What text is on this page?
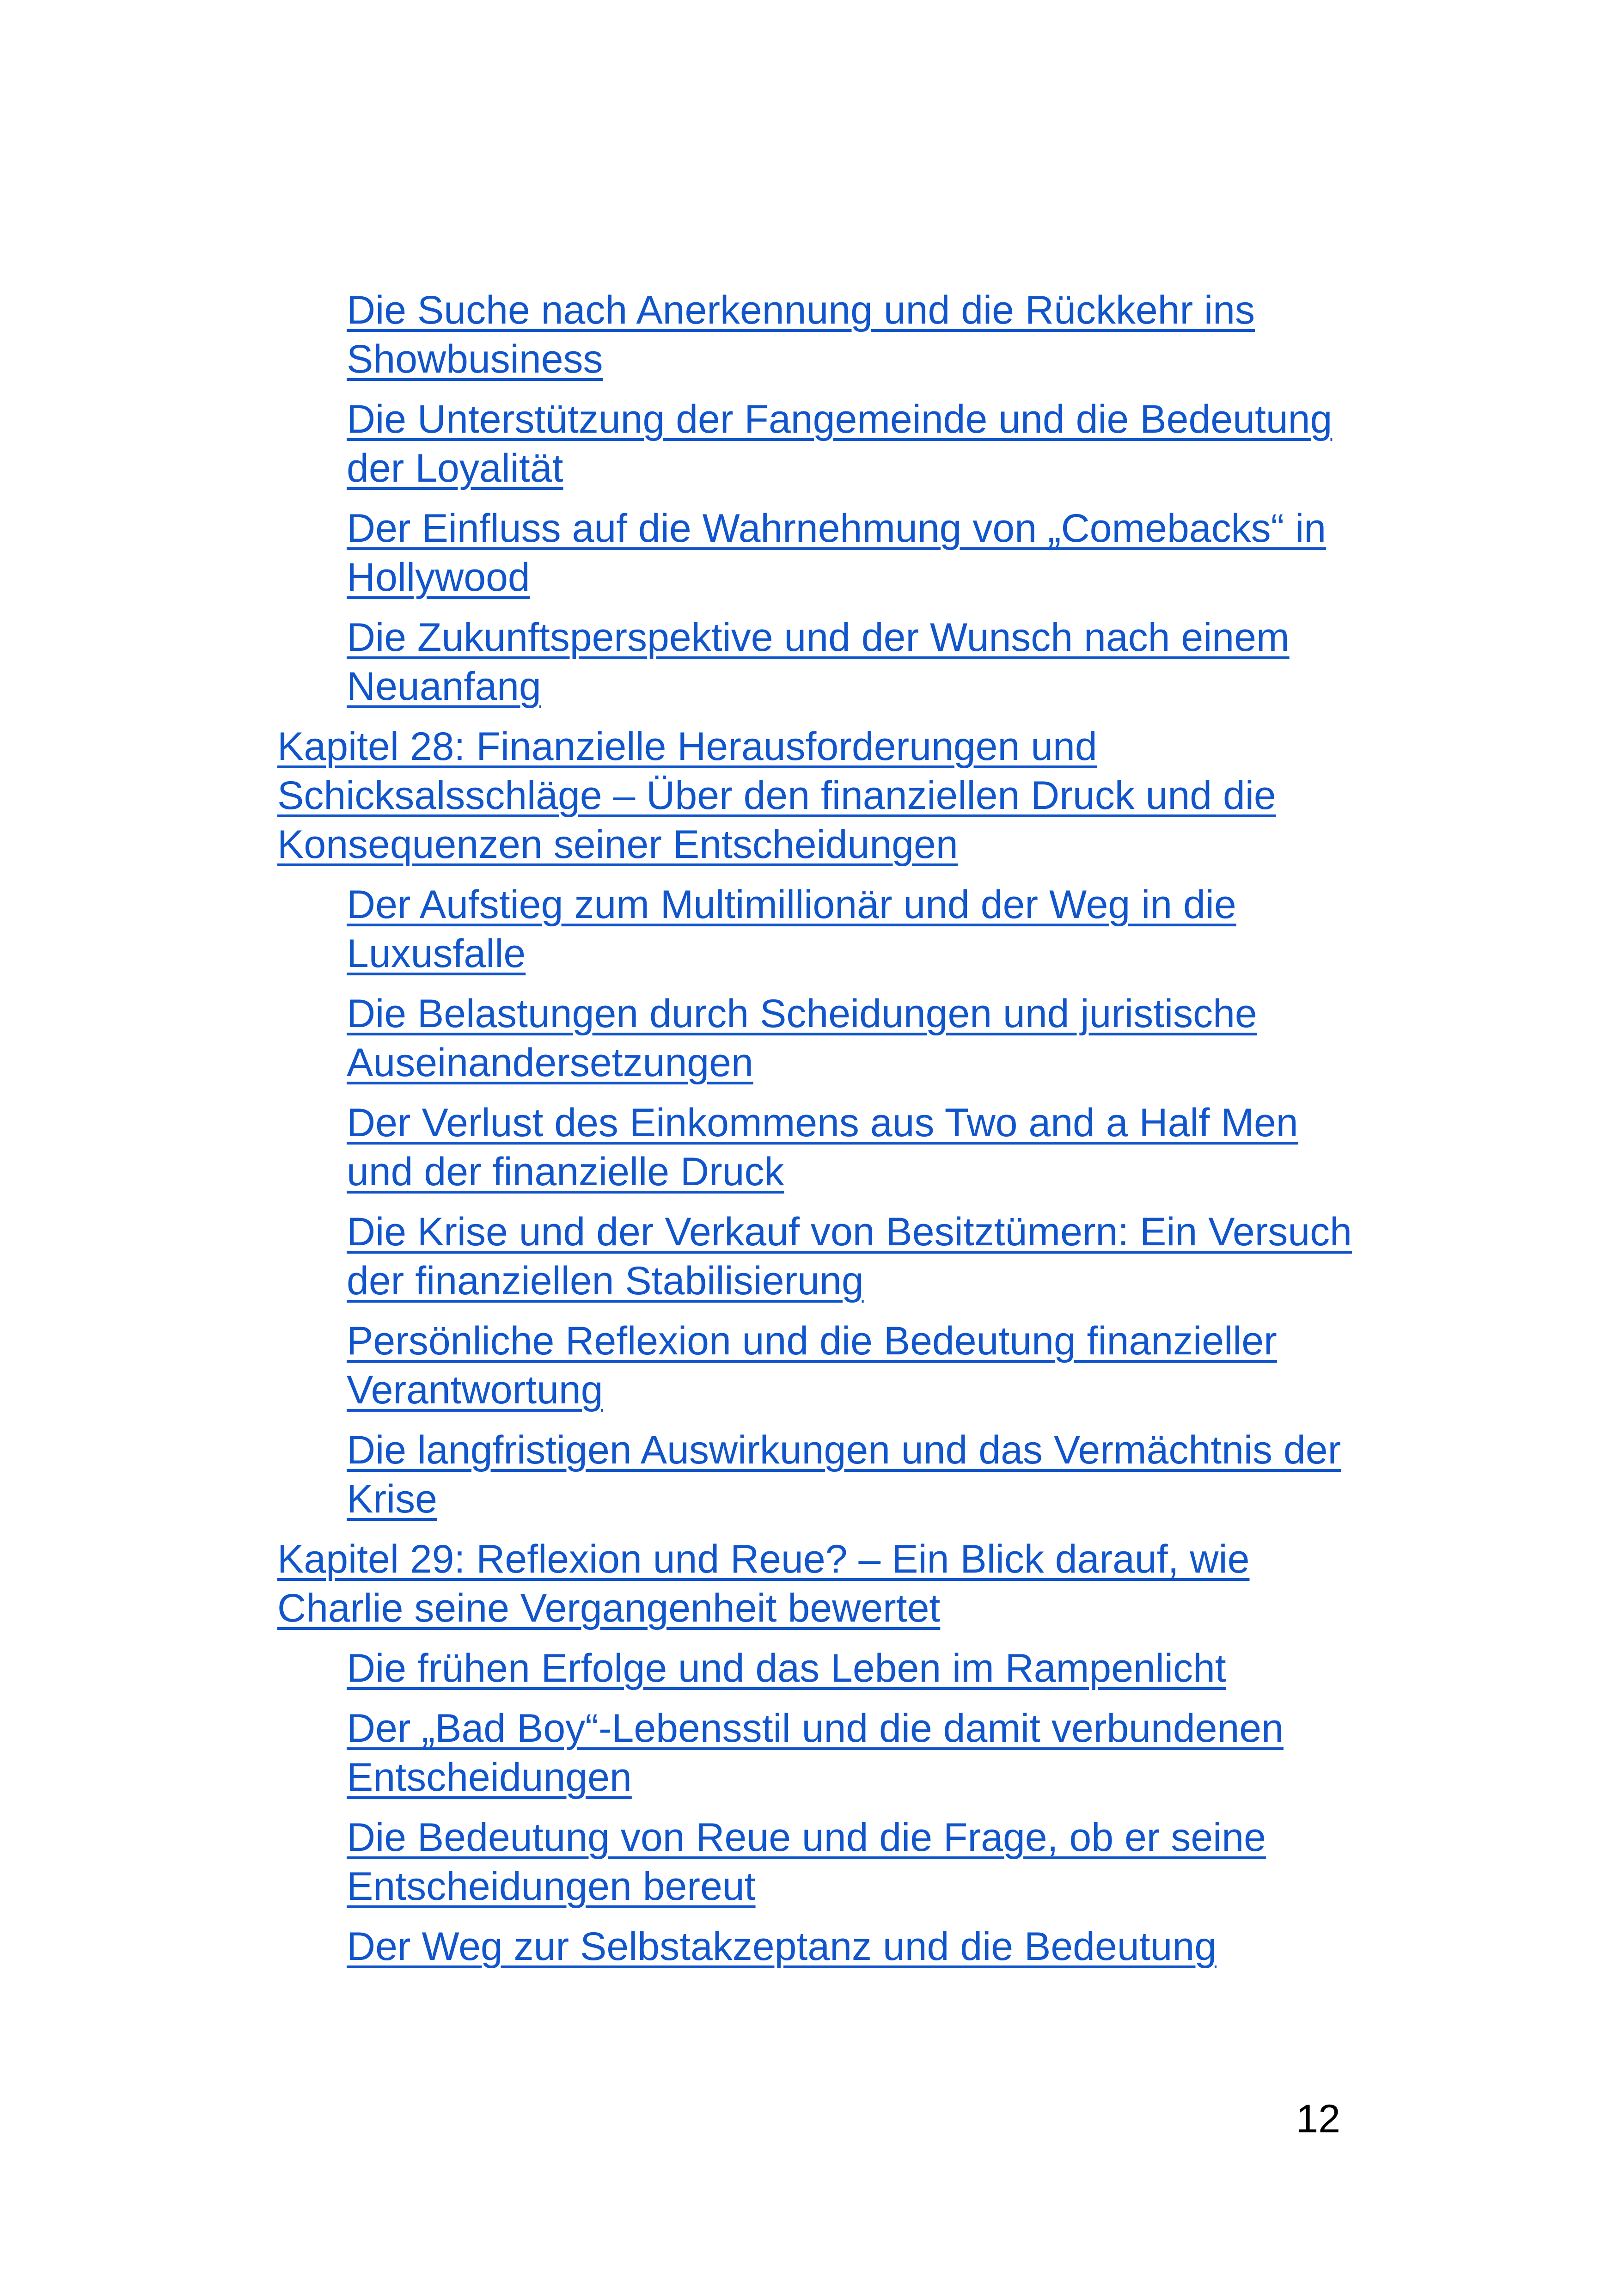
Die Suche nach Anerkennung und die Rückkehr ins Showbusiness
Die Unterstützung der Fangemeinde und die Bedeutung der Loyalität
Der Einfluss auf die Wahrnehmung von „Comebacks“ in Hollywood
Die Zukunftsperspektive und der Wunsch nach einem Neuanfang
Kapitel 28: Finanzielle Herausforderungen und Schicksalsschläge – Über den finanziellen Druck und die Konsequenzen seiner Entscheidungen
Der Aufstieg zum Multimillionär und der Weg in die Luxusfalle
Die Belastungen durch Scheidungen und juristische Auseinandersetzungen
Der Verlust des Einkommens aus Two and a Half Men und der finanzielle Druck
Die Krise und der Verkauf von Besitztümern: Ein Versuch der finanziellen Stabilisierung
Persönliche Reflexion und die Bedeutung finanzieller Verantwortung
Die langfristigen Auswirkungen und das Vermächtnis der Krise
Kapitel 29: Reflexion und Reue? – Ein Blick darauf, wie Charlie seine Vergangenheit bewertet
Die frühen Erfolge und das Leben im Rampenlicht
Der „Bad Boy“-Lebensstil und die damit verbundenen Entscheidungen
Die Bedeutung von Reue und die Frage, ob er seine Entscheidungen bereut
Der Weg zur Selbstakzeptanz und die Bedeutung
12
